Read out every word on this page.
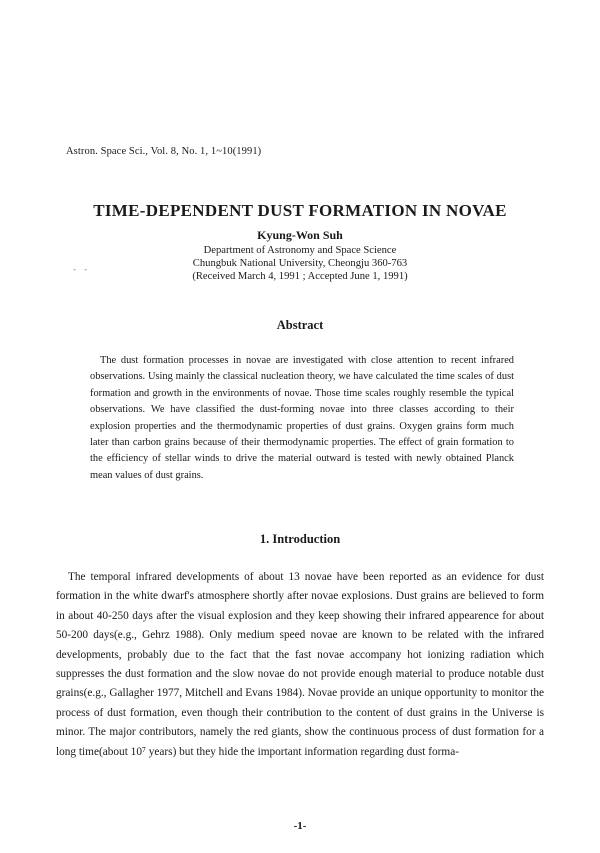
Astron. Space Sci., Vol. 8, No. 1, 1~10(1991)
TIME-DEPENDENT DUST FORMATION IN NOVAE
Kyung-Won Suh
Department of Astronomy and Space Science
Chungbuk National University, Cheongju 360-763
(Received March 4, 1991 ; Accepted June 1, 1991)
- -
Abstract

The dust formation processes in novae are investigated with close attention to recent infrared observations. Using mainly the classical nucleation theory, we have calculated the time scales of dust formation and growth in the environments of novae. Those time scales roughly resemble the typical observations. We have classified the dust-forming novae into three classes according to their explosion properties and the thermodynamic properties of dust grains. Oxygen grains form much later than carbon grains because of their thermodynamic properties. The effect of grain formation to the efficiency of stellar winds to drive the material outward is tested with newly obtained Planck mean values of dust grains.

1. Introduction

The temporal infrared developments of about 13 novae have been reported as an evidence for dust formation in the white dwarf's atmosphere shortly after novae explosions. Dust grains are believed to form in about 40-250 days after the visual explosion and they keep showing their infrared appearence for about 50-200 days(e.g., Gehrz 1988). Only medium speed novae are known to be related with the infrared developments, probably due to the fact that the fast novae accompany hot ionizing radiation which suppresses the dust formation and the slow novae do not provide enough material to produce notable dust grains(e.g., Gallagher 1977, Mitchell and Evans 1984). Novae provide an unique opportunity to monitor the process of dust formation, even though their contribution to the content of dust grains in the Universe is minor. The major contributors, namely the red giants, show the continuous process of dust formation for a long time(about 10⁷ years) but they hide the important information regarding dust forma-

-1-
